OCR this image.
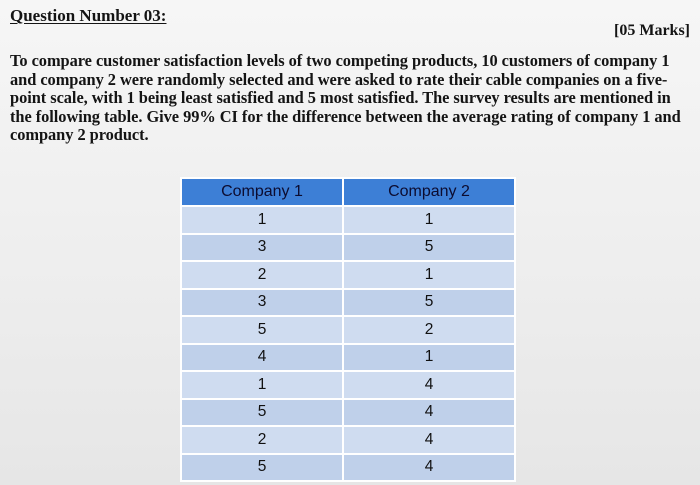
Question Number 03:
[05 Marks]

To compare customer satisfaction levels of two competing products, 10 customers of company 1 and company 2 were randomly selected and were asked to rate their cable companies on a five-point scale, with 1 being least satisfied and 5 most satisfied. The survey results are mentioned in the following table. Give 99% CI for the difference between the average rating of company 1 and company 2 product.

Company 1	Company 2
1	1
3	5
2	1
3	5
5	2
4	1
1	4
5	4
2	4
5	4
